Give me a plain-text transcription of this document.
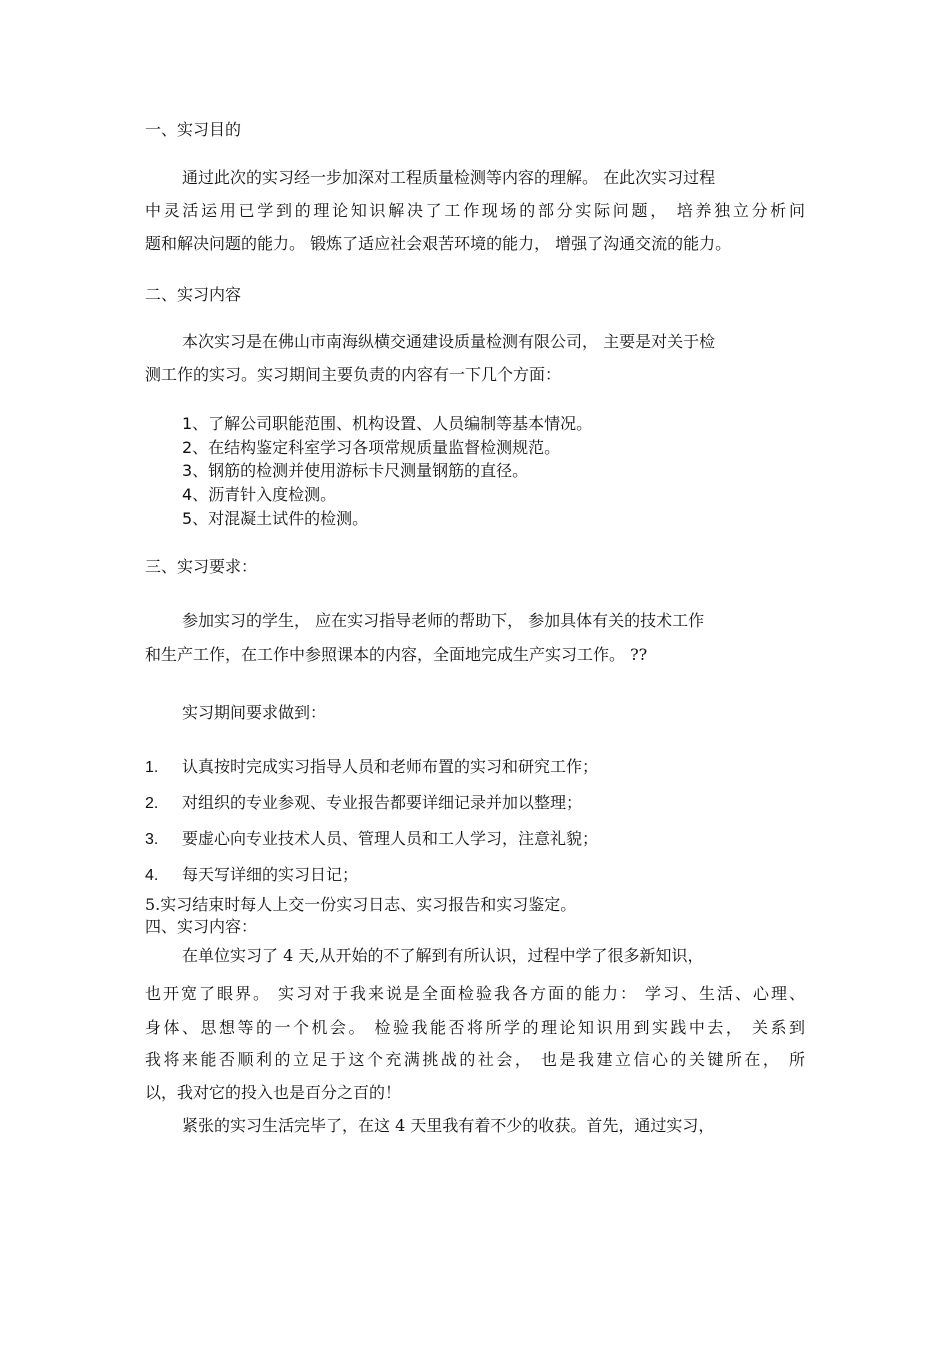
一、实习目的
通过此次的实习经一步加深对工程质量检测等内容的理解。 在此次实习过程
中灵活运用已学到的理论知识解决了工作现场的部分实际问题， 培养独立分析问
题和解决问题的能力。 锻炼了适应社会艰苦环境的能力， 增强了沟通交流的能力。
二、实习内容
本次实习是在佛山市南海纵横交通建设质量检测有限公司， 主要是对关于检
测工作的实习。实习期间主要负责的内容有一下几个方面：
1、了解公司职能范围、机构设置、人员编制等基本情况。
2、在结构鉴定科室学习各项常规质量监督检测规范。
3、钢筋的检测并使用游标卡尺测量钢筋的直径。
4、沥青针入度检测。
5、对混凝土试件的检测。
三、实习要求：
参加实习的学生， 应在实习指导老师的帮助下， 参加具体有关的技术工作
和生产工作，在工作中参照课本的内容，全面地完成生产实习工作。 ??
实习期间要求做到：
1. 认真按时完成实习指导人员和老师布置的实习和研究工作；
2. 对组织的专业参观、专业报告都要详细记录并加以整理；
3. 要虚心向专业技术人员、管理人员和工人学习，注意礼貌；
4. 每天写详细的实习日记；
5.实习结束时每人上交一份实习日志、实习报告和实习鉴定。
四、实习内容：
在单位实习了 4 天,从开始的不了解到有所认识，过程中学了很多新知识，
也开宽了眼界。 实习对于我来说是全面检验我各方面的能力： 学习、生活、心理、
身体、思想等的一个机会。 检验我能否将所学的理论知识用到实践中去， 关系到
我将来能否顺利的立足于这个充满挑战的社会， 也是我建立信心的关键所在， 所
以，我对它的投入也是百分之百的！
紧张的实习生活完毕了，在这 4 天里我有着不少的收获。首先，通过实习，
